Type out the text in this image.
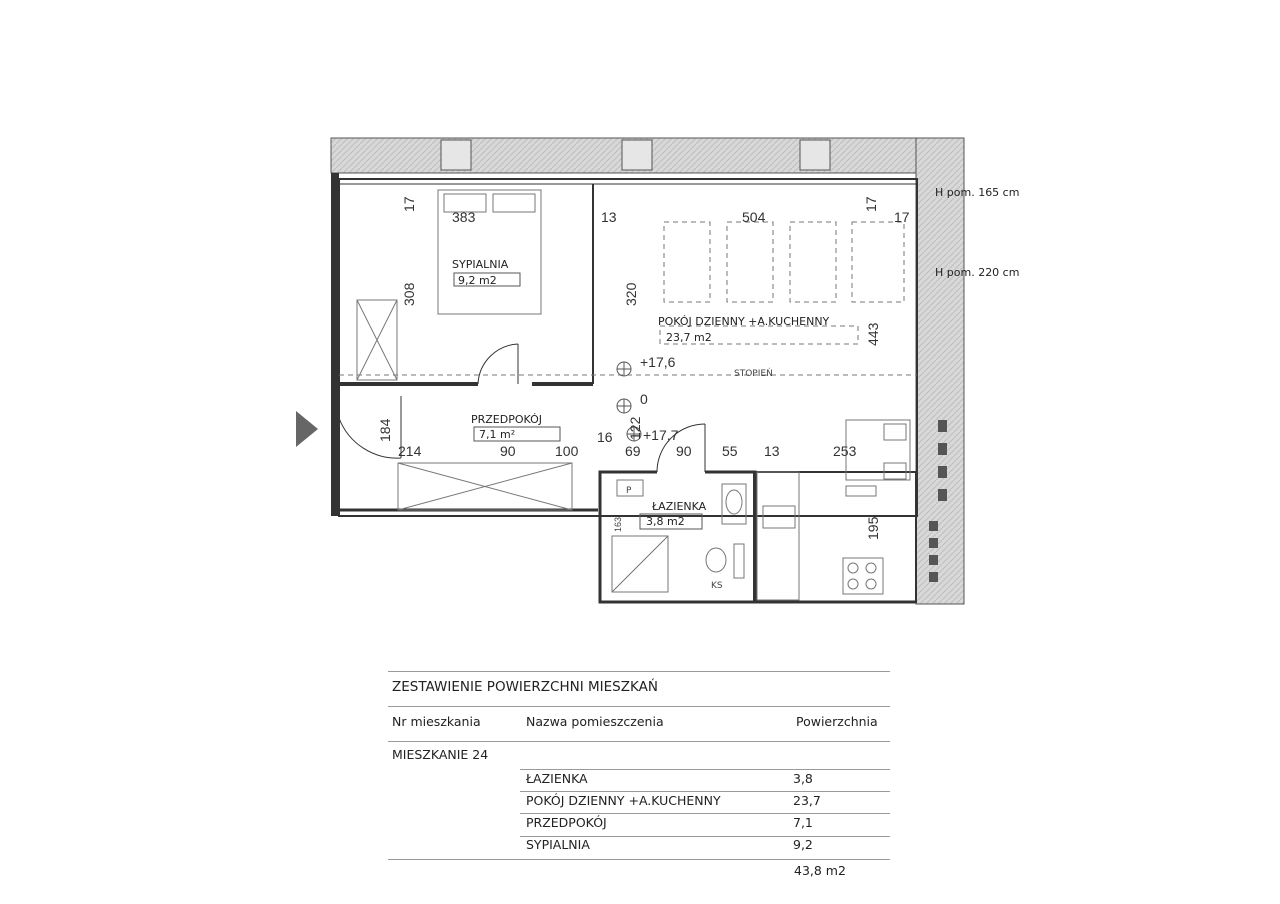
SYPIALNIA
9,2 m2
POKÓJ DZIENNY +A.KUCHENNY
23,7 m2
PRZEDPOKÓJ
7,1 m²
ŁAZIENKA
3,8 m2
H pom. 165 cm
H pom. 220 cm
+17,6
0
+17,7
STOPIEŃ
KS
P
17
383	13	504
17
17
308	320
443
184
214	90	100
16
69
122
90 55 13	253
163	195
ZESTAWIENIE POWIERZCHNI MIESZKAŃ
Nr mieszkania	Nazwa pomieszczenia	Powierzchnia
MIESZKANIE 24
ŁAZIENKA	3,8
POKÓJ DZIENNY +A.KUCHENNY	23,7
PRZEDPOKÓJ	7,1
SYPIALNIA	9,2
43,8 m2
